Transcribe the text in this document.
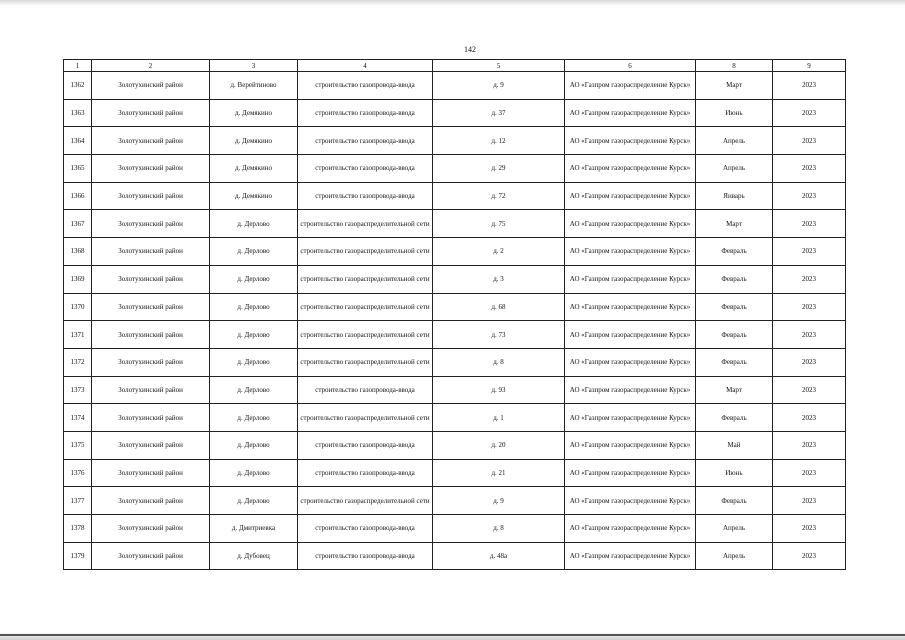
142
1	2	3	4	5	6	8	9
1362	Золотухинский район	д. Верейтиново	строительство газопровода-ввода	д. 9	АО «Газпром газораспределение Курск»	Март	2023
1363	Золотухинский район	д. Демякино	строительство газопровода-ввода	д. 37	АО «Газпром газораспределение Курск»	Июнь	2023
1364	Золотухинский район	д. Демякино	строительство газопровода-ввода	д. 12	АО «Газпром газораспределение Курск»	Апрель	2023
1365	Золотухинский район	д. Демякино	строительство газопровода-ввода	д. 29	АО «Газпром газораспределение Курск»	Апрель	2023
1366	Золотухинский район	д. Демякино	строительство газопровода-ввода	д. 72	АО «Газпром газораспределение Курск»	Январь	2023
1367	Золотухинский район	д. Дерлово	строительство газораспределительной сети	д. 75	АО «Газпром газораспределение Курск»	Март	2023
1368	Золотухинский район	д. Дерлово	строительство газораспределительной сети	д. 2	АО «Газпром газораспределение Курск»	Февраль	2023
1369	Золотухинский район	д. Дерлово	строительство газораспределительной сети	д. 3	АО «Газпром газораспределение Курск»	Февраль	2023
1370	Золотухинский район	д. Дерлово	строительство газораспределительной сети	д. 68	АО «Газпром газораспределение Курск»	Февраль	2023
1371	Золотухинский район	д. Дерлово	строительство газораспределительной сети	д. 73	АО «Газпром газораспределение Курск»	Февраль	2023
1372	Золотухинский район	д. Дерлово	строительство газораспределительной сети	д. 8	АО «Газпром газораспределение Курск»	Февраль	2023
1373	Золотухинский район	д. Дерлово	строительство газопровода-ввода	д. 93	АО «Газпром газораспределение Курск»	Март	2023
1374	Золотухинский район	д. Дерлово	строительство газораспределительной сети	д. 1	АО «Газпром газораспределение Курск»	Февраль	2023
1375	Золотухинский район	д. Дерлово	строительство газопровода-ввода	д. 20	АО «Газпром газораспределение Курск»	Май	2023
1376	Золотухинский район	д. Дерлово	строительство газопровода-ввода	д. 21	АО «Газпром газораспределение Курск»	Июнь	2023
1377	Золотухинский район	д. Дерлово	строительство газораспределительной сети	д. 9	АО «Газпром газораспределение Курск»	Февраль	2023
1378	Золотухинский район	д. Дмитриевка	строительство газопровода-ввода	д. 8	АО «Газпром газораспределение Курск»	Апрель	2023
1379	Золотухинский район	д. Дубовец	строительство газопровода-ввода	д. 48а	АО «Газпром газораспределение Курск»	Апрель	2023
